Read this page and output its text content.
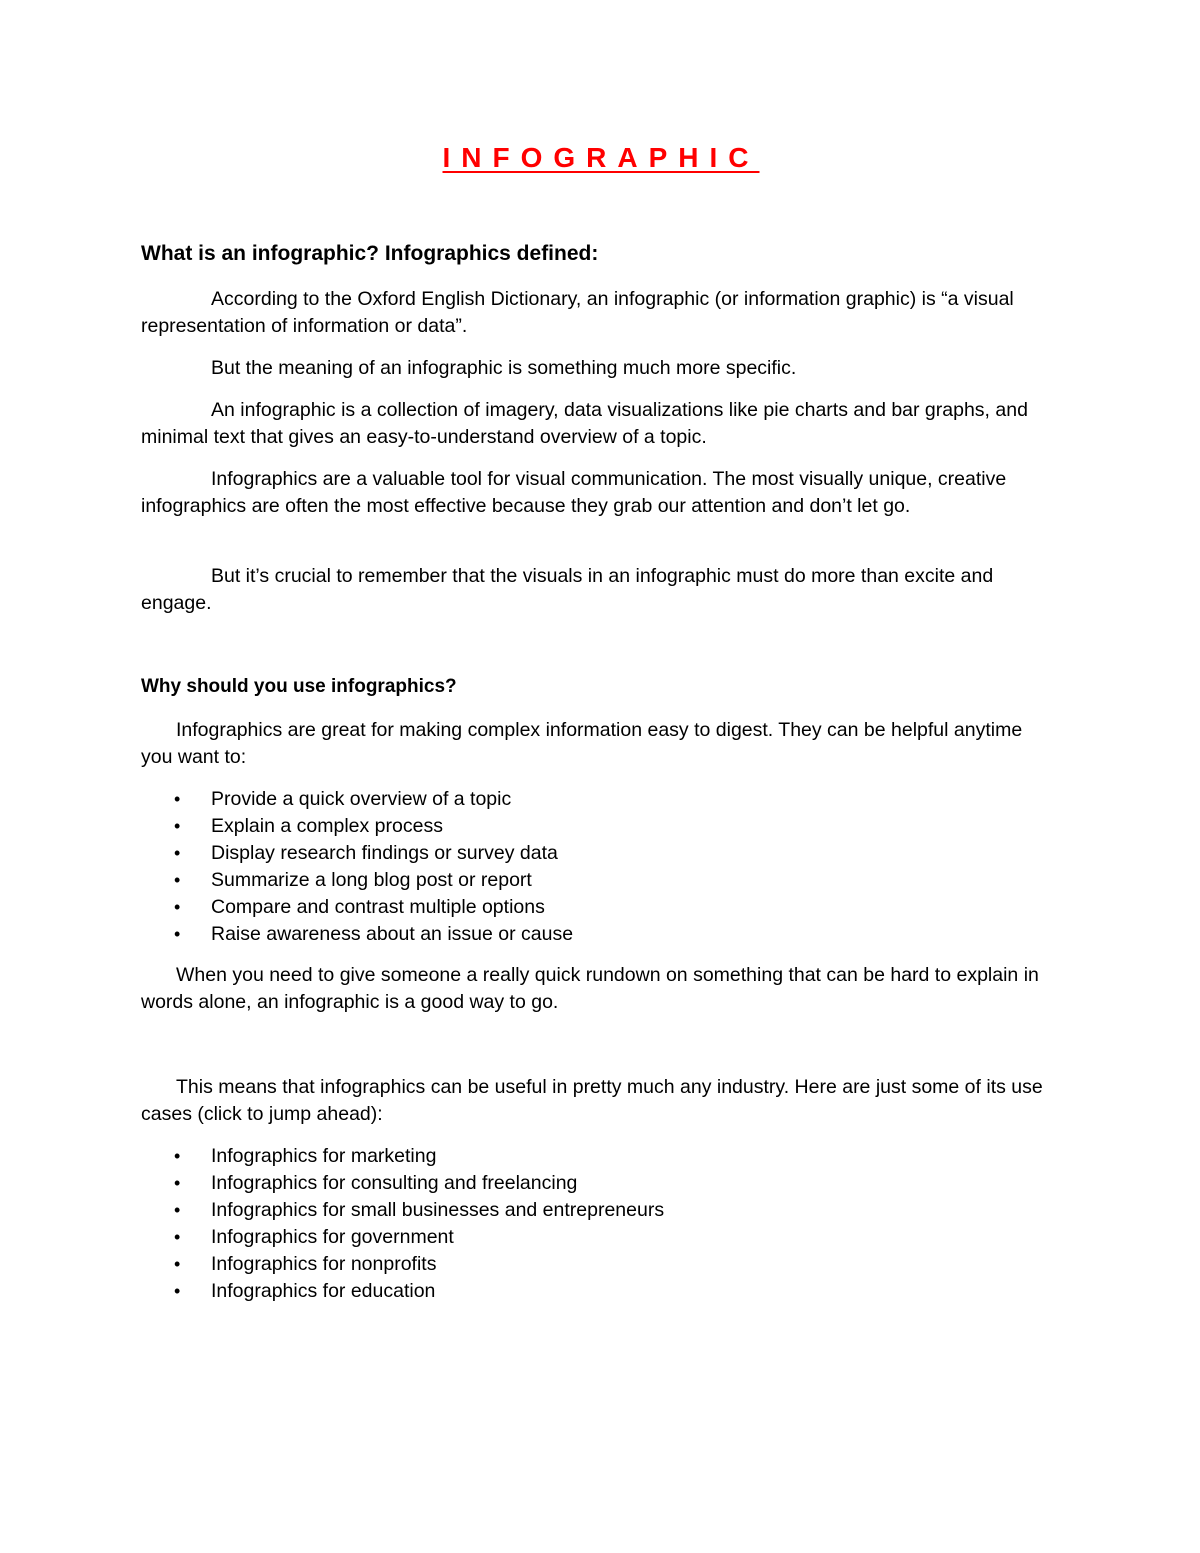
INFOGRAPHIC
What is an infographic? Infographics defined:

According to the Oxford English Dictionary, an infographic (or information graphic) is “a visual representation of information or data”.

But the meaning of an infographic is something much more specific.

An infographic is a collection of imagery, data visualizations like pie charts and bar graphs, and minimal text that gives an easy-to-understand overview of a topic.

Infographics are a valuable tool for visual communication. The most visually unique, creative infographics are often the most effective because they grab our attention and don’t let go.

But it’s crucial to remember that the visuals in an infographic must do more than excite and engage.

Why should you use infographics?

Infographics are great for making complex information easy to digest. They can be helpful anytime you want to:

• Provide a quick overview of a topic
• Explain a complex process
• Display research findings or survey data
• Summarize a long blog post or report
• Compare and contrast multiple options
• Raise awareness about an issue or cause

When you need to give someone a really quick rundown on something that can be hard to explain in words alone, an infographic is a good way to go.

This means that infographics can be useful in pretty much any industry. Here are just some of its use cases (click to jump ahead):

• Infographics for marketing
• Infographics for consulting and freelancing
• Infographics for small businesses and entrepreneurs
• Infographics for government
• Infographics for nonprofits
• Infographics for education
